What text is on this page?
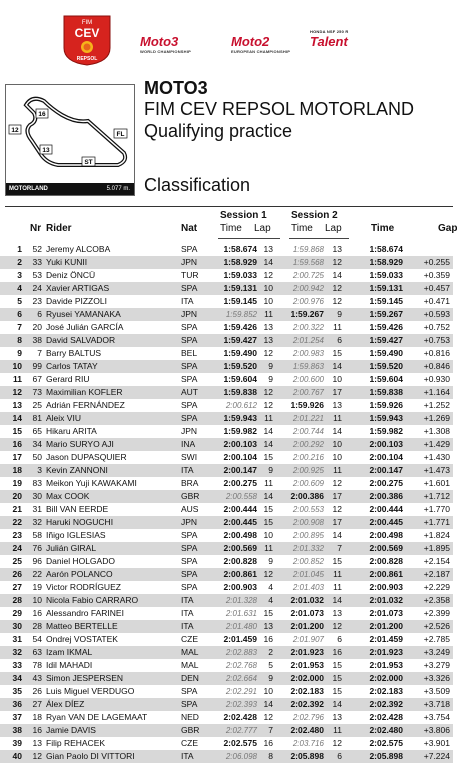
FIM
CEV
REPSOL
Moto3
WORLD CHAMPIONSHIP
Moto2
EUROPEAN CHAMPIONSHIP
HONDA NSF 250 R
Talent
16
12
FL
13
ST
MOTORLAND	5.077 m.
MOTO3
FIM CEV REPSOL MOTORLAND
Qualifying practice
Classification
Session 1 Session 2
Nr Rider	Nat Time Lap Time Lap	Time	Gap
1	52 Jeremy ALCOBA	SPA	1:58.674 13	1:59.868	13	1:58.674
2	33 Yuki KUNII	JPN	1:58.929 14	1:59.568	12	1:58.929	+0.255
3	53 Deniz ÖNCÜ	TUR	1:59.033 12	2:00.725	14	1:59.033	+0.359
4	24 Xavier ARTIGAS	SPA	1:59.131 10	2:00.942	12	1:59.131	+0.457
5	23 Davide PIZZOLI	ITA	1:59.145 10	2:00.976	12	1:59.145	+0.471
6	6 Ryusei YAMANAKA	JPN	1:59.852 11	1:59.267	9	1:59.267	+0.593
7	20 José Julián GARCÍA	SPA	1:59.426 13	2:00.322	11	1:59.426	+0.752
8	38 David SALVADOR	SPA	1:59.427 13	2:01.254	6	1:59.427	+0.753
9	7 Barry BALTUS	BEL	1:59.490 12	2:00.983	15	1:59.490	+0.816
10	99 Carlos TATAY	SPA	1:59.520	9	1:59.863	14	1:59.520	+0.846
11	67 Gerard RIU	SPA	1:59.604	9	2:00.600	10	1:59.604	+0.930
12	73 Maximilian KOFLER	AUT	1:59.838 12	2:00.767	17	1:59.838	+1.164
13	25 Adrián FERNÁNDEZ	SPA	2:00.612 12	1:59.926	13	1:59.926	+1.252
14	81 Aleix VIU	SPA	1:59.943 11	2:01.221	11	1:59.943	+1.269
15	65 Hikaru ARITA	JPN	1:59.982 14	2:00.744	14	1:59.982	+1.308
16	34 Mario SURYO AJI	INA	2:00.103 14	2:00.292	10	2:00.103	+1.429
17	50 Jason DUPASQUIER	SWI	2:00.104 15	2:00.216	10	2:00.104	+1.430
18	3 Kevin ZANNONI	ITA	2:00.147	9	2:00.925	11	2:00.147	+1.473
19	83 Meikon Yuji KAWAKAMI	BRA	2:00.275 11	2:00.609	12	2:00.275	+1.601
20	30 Max COOK	GBR	2:00.558 14	2:00.386	17	2:00.386	+1.712
21	31 Bill VAN EERDE	AUS	2:00.444 15	2:00.553	12	2:00.444	+1.770
22	32 Haruki NOGUCHI	JPN	2:00.445 15	2:00.908	17	2:00.445	+1.771
23	58 Iñigo IGLESIAS	SPA	2:00.498 10	2:00.895	14	2:00.498	+1.824
24	76 Julián GIRAL	SPA	2:00.569 11	2:01.332	7	2:00.569	+1.895
25	96 Daniel HOLGADO	SPA	2:00.828	9	2:00.852	15	2:00.828	+2.154
26	22 Aarón POLANCO	SPA	2:00.861 12	2:01.045	11	2:00.861	+2.187
27	19 Victor RODRÍGUEZ	SPA	2:00.903	4	2:01.403	11	2:00.903	+2.229
28	10 Nicola Fabio CARRARO	ITA	2:01.328	4	2:01.032	14	2:01.032	+2.358
29	16 Alessandro FARINEI	ITA	2:01.631 15	2:01.073	13	2:01.073	+2.399
30	28 Matteo BERTELLE	ITA	2:01.480 13	2:01.200	12	2:01.200	+2.526
31	54 Ondrej VOSTATEK	CZE	2:01.459 16	2:01.907	6	2:01.459	+2.785
32	63 Izam IKMAL	MAL	2:02.883	2	2:01.923	16	2:01.923	+3.249
33	78 Idil MAHADI	MAL	2:02.768	5	2:01.953	15	2:01.953	+3.279
34	43 Simon JESPERSEN	DEN	2:02.664	9	2:02.000	15	2:02.000	+3.326
35	26 Luis Miguel VERDUGO	SPA	2:02.291 10	2:02.183	15	2:02.183	+3.509
36	27 Álex DÍEZ	SPA	2:02.393 14	2:02.392	14	2:02.392	+3.718
37	18 Ryan VAN DE LAGEMAAT	NED	2:02.428 12	2:02.796	13	2:02.428	+3.754
38	16 Jamie DAVIS	GBR	2:02.777	7	2:02.480	11	2:02.480	+3.806
39	13 Filip REHACEK	CZE	2:02.575 16	2:03.716	12	2:02.575	+3.901
40	12 Gian Paolo DI VITTORI	ITA	2:06.098	8	2:05.898	6	2:05.898	+7.224
